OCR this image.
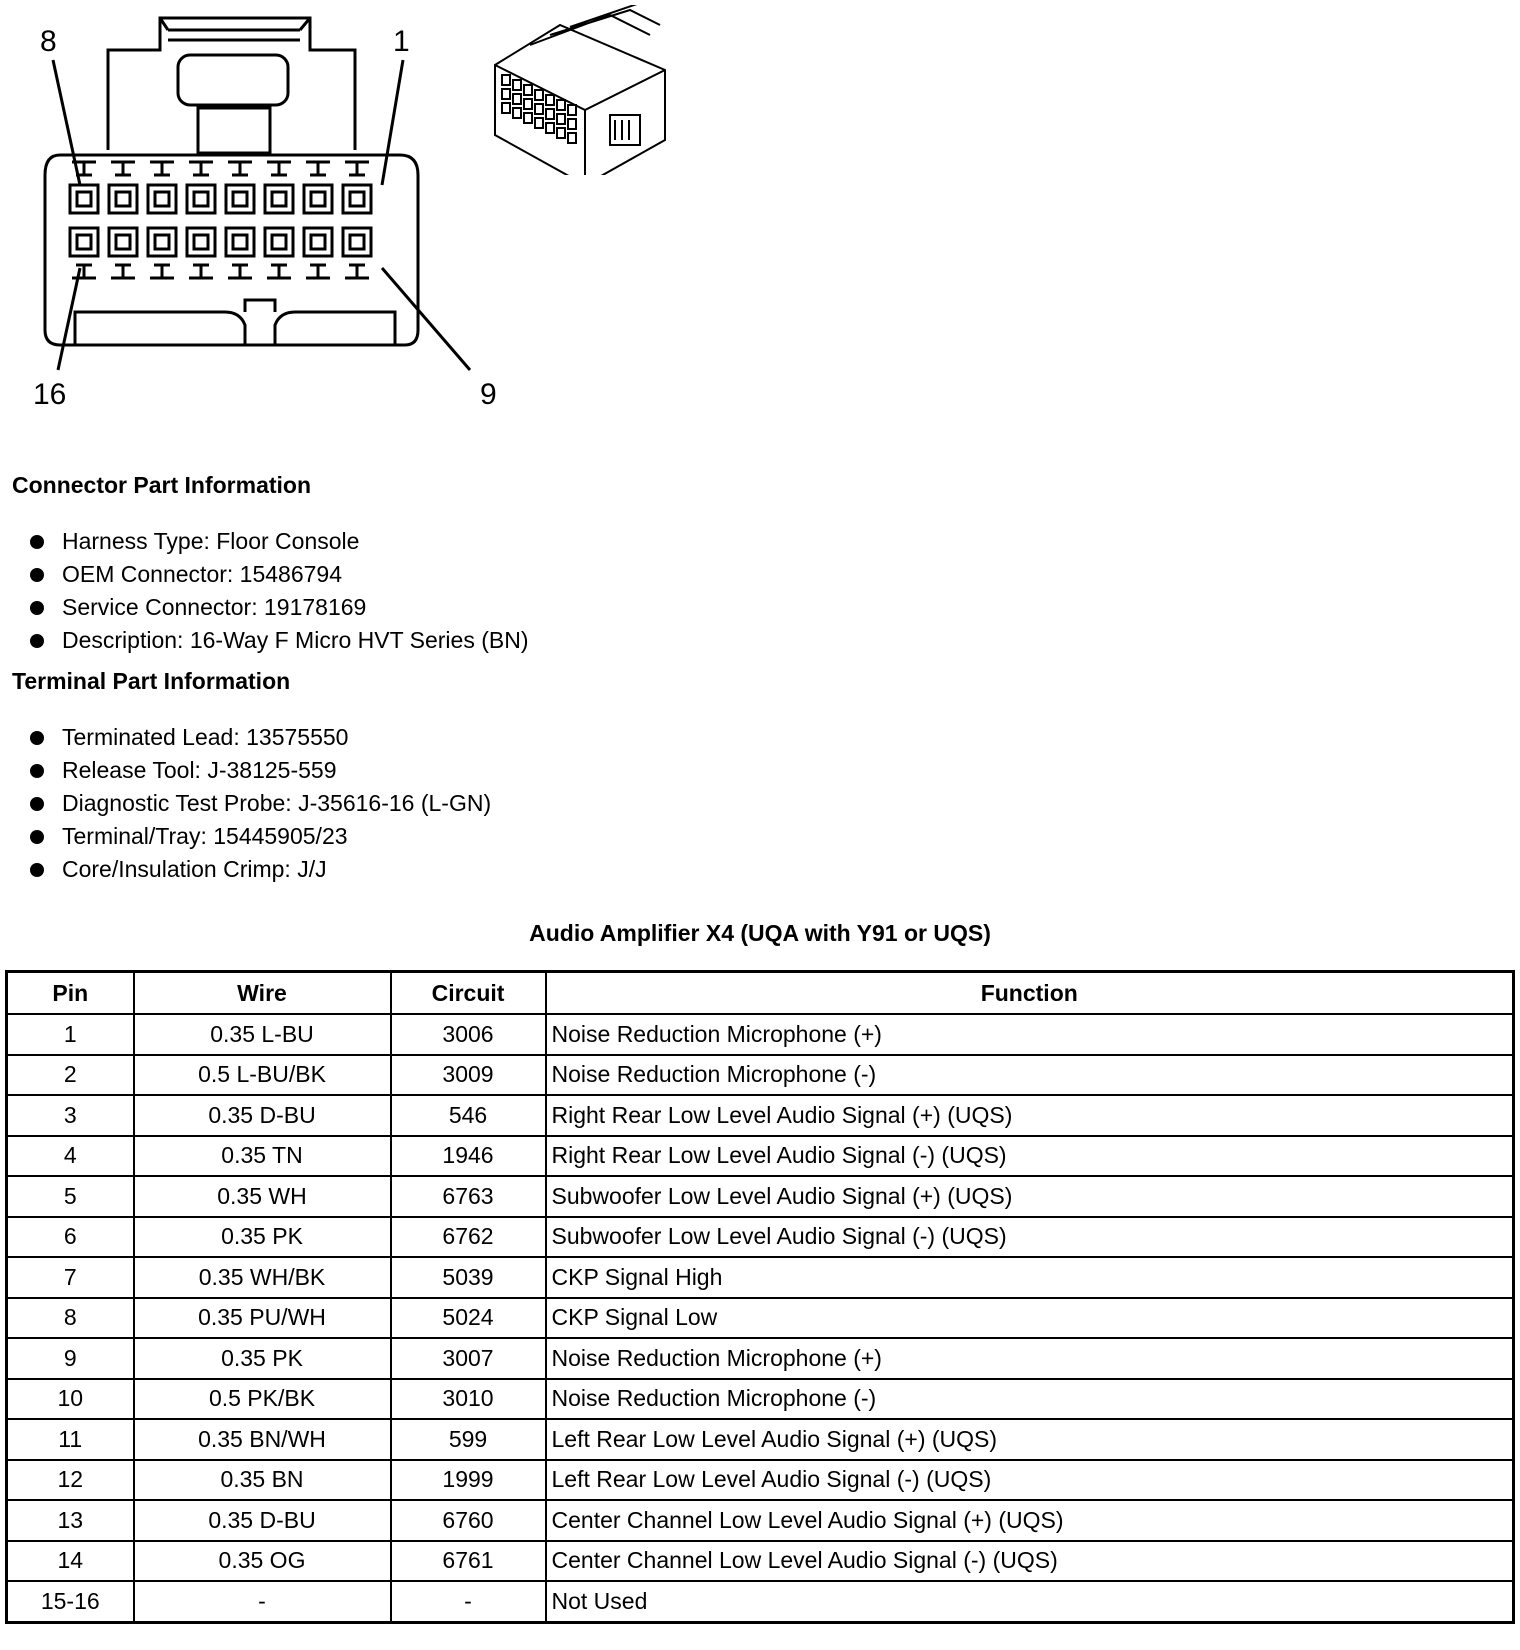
8	1
16	9
Connector Part Information
Harness Type: Floor Console
OEM Connector: 15486794
Service Connector: 19178169
Description: 16-Way F Micro HVT Series (BN)
Terminal Part Information
Terminated Lead: 13575550
Release Tool: J-38125-559
Diagnostic Test Probe: J-35616-16 (L-GN)
Terminal/Tray: 15445905/23
Core/Insulation Crimp: J/J
Audio Amplifier X4 (UQA with Y91 or UQS)
Pin	Wire	Circuit	Function
1	0.35 L-BU	3006	Noise Reduction Microphone (+)
2	0.5 L-BU/BK	3009	Noise Reduction Microphone (-)
3	0.35 D-BU	546	Right Rear Low Level Audio Signal (+) (UQS)
4	0.35 TN	1946	Right Rear Low Level Audio Signal (-) (UQS)
5	0.35 WH	6763	Subwoofer Low Level Audio Signal (+) (UQS)
6	0.35 PK	6762	Subwoofer Low Level Audio Signal (-) (UQS)
7	0.35 WH/BK	5039	CKP Signal High
8	0.35 PU/WH	5024	CKP Signal Low
9	0.35 PK	3007	Noise Reduction Microphone (+)
10	0.5 PK/BK	3010	Noise Reduction Microphone (-)
11	0.35 BN/WH	599	Left Rear Low Level Audio Signal (+) (UQS)
12	0.35 BN	1999	Left Rear Low Level Audio Signal (-) (UQS)
13	0.35 D-BU	6760	Center Channel Low Level Audio Signal (+) (UQS)
14	0.35 OG	6761	Center Channel Low Level Audio Signal (-) (UQS)
15-16	-	-	Not Used
